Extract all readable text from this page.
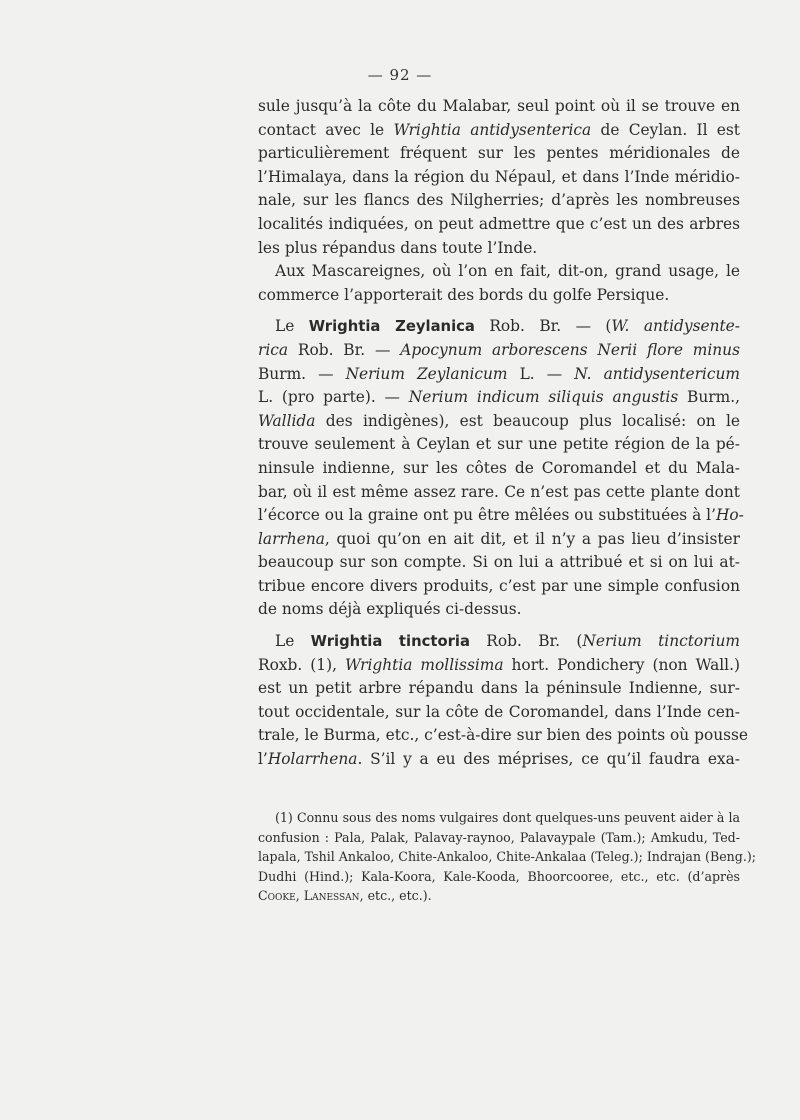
— 92 —
sule jusqu’à la côte du Malabar, seul point où il se trouve en
contact avec le Wrightia antidysenterica de Ceylan. Il est
particulièrement fréquent sur les pentes méridionales de
l’Himalaya, dans la région du Népaul, et dans l’Inde méridio-
nale, sur les flancs des Nilgherries; d’après les nombreuses
localités indiquées, on peut admettre que c’est un des arbres
les plus répandus dans toute l’Inde.
Aux Mascareignes, où l’on en fait, dit-on, grand usage, le
commerce l’apporterait des bords du golfe Persique.
Le Wrightia Zeylanica Rob. Br. — (W. antidysente-
rica Rob. Br. — Apocynum arborescens Nerii flore minus
Burm. — Nerium Zeylanicum L. — N. antidysentericum
L. (pro parte). — Nerium indicum siliquis angustis Burm.,
Wallida des indigènes), est beaucoup plus localisé: on le
trouve seulement à Ceylan et sur une petite région de la pé-
ninsule indienne, sur les côtes de Coromandel et du Mala-
bar, où il est même assez rare. Ce n’est pas cette plante dont
l’écorce ou la graine ont pu être mêlées ou substituées à l’Ho-
larrhena, quoi qu’on en ait dit, et il n’y a pas lieu d’insister
beaucoup sur son compte. Si on lui a attribué et si on lui at-
tribue encore divers produits, c’est par une simple confusion
de noms déjà expliqués ci-dessus.
Le Wrightia tinctoria Rob. Br. (Nerium tinctorium
Roxb. (1), Wrightia mollissima hort. Pondichery (non Wall.)
est un petit arbre répandu dans la péninsule Indienne, sur-
tout occidentale, sur la côte de Coromandel, dans l’Inde cen-
trale, le Burma, etc., c’est-à-dire sur bien des points où pousse
l’Holarrhena. S’il y a eu des méprises, ce qu’il faudra exa-
(1) Connu sous des noms vulgaires dont quelques-uns peuvent aider à la
confusion : Pala, Palak, Palavay-raynoo, Palavaypale (Tam.); Amkudu, Ted-
lapala, Tshil Ankaloo, Chite-Ankaloo, Chite-Ankalaa (Teleg.); Indrajan (Beng.);
Dudhi (Hind.); Kala-Koora, Kale-Kooda, Bhoorcooree, etc., etc. (d’après
Cooke, Lanessan, etc., etc.).
